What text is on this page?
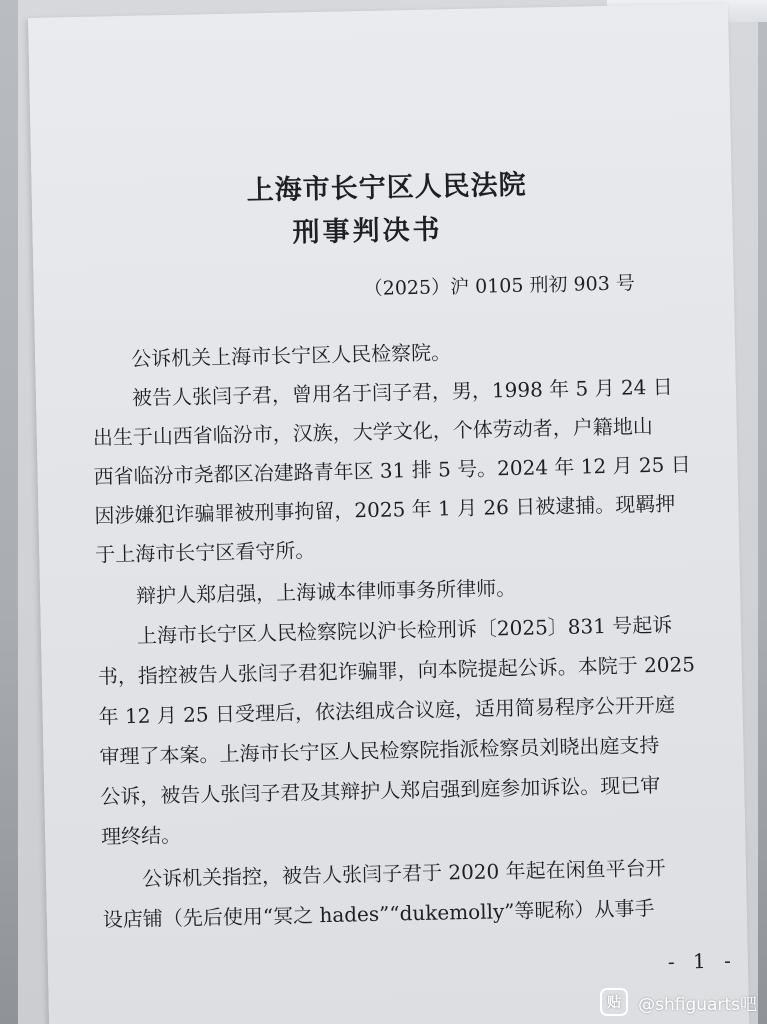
上海市长宁区人民法院
刑事判决书
（2025）沪 0105 刑初 903 号
公诉机关上海市长宁区人民检察院。
被告人张闫子君，曾用名于闫子君，男，1998 年 5 月 24 日
出生于山西省临汾市，汉族，大学文化，个体劳动者，户籍地山
西省临汾市尧都区冶建路青年区 31 排 5 号。2024 年 12 月 25 日
因涉嫌犯诈骗罪被刑事拘留，2025 年 1 月 26 日被逮捕。现羁押
于上海市长宁区看守所。
辩护人郑启强，上海诚本律师事务所律师。
上海市长宁区人民检察院以沪长检刑诉〔2025〕831 号起诉
书，指控被告人张闫子君犯诈骗罪，向本院提起公诉。本院于 2025
年 12 月 25 日受理后，依法组成合议庭，适用简易程序公开开庭
审理了本案。上海市长宁区人民检察院指派检察员刘晓出庭支持
公诉，被告人张闫子君及其辩护人郑启强到庭参加诉讼。现已审
理终结。
公诉机关指控，被告人张闫子君于 2020 年起在闲鱼平台开
设店铺（先后使用“冥之 hades”“dukemolly”等昵称）从事手
- 1 -
贴	@shfiguarts吧
